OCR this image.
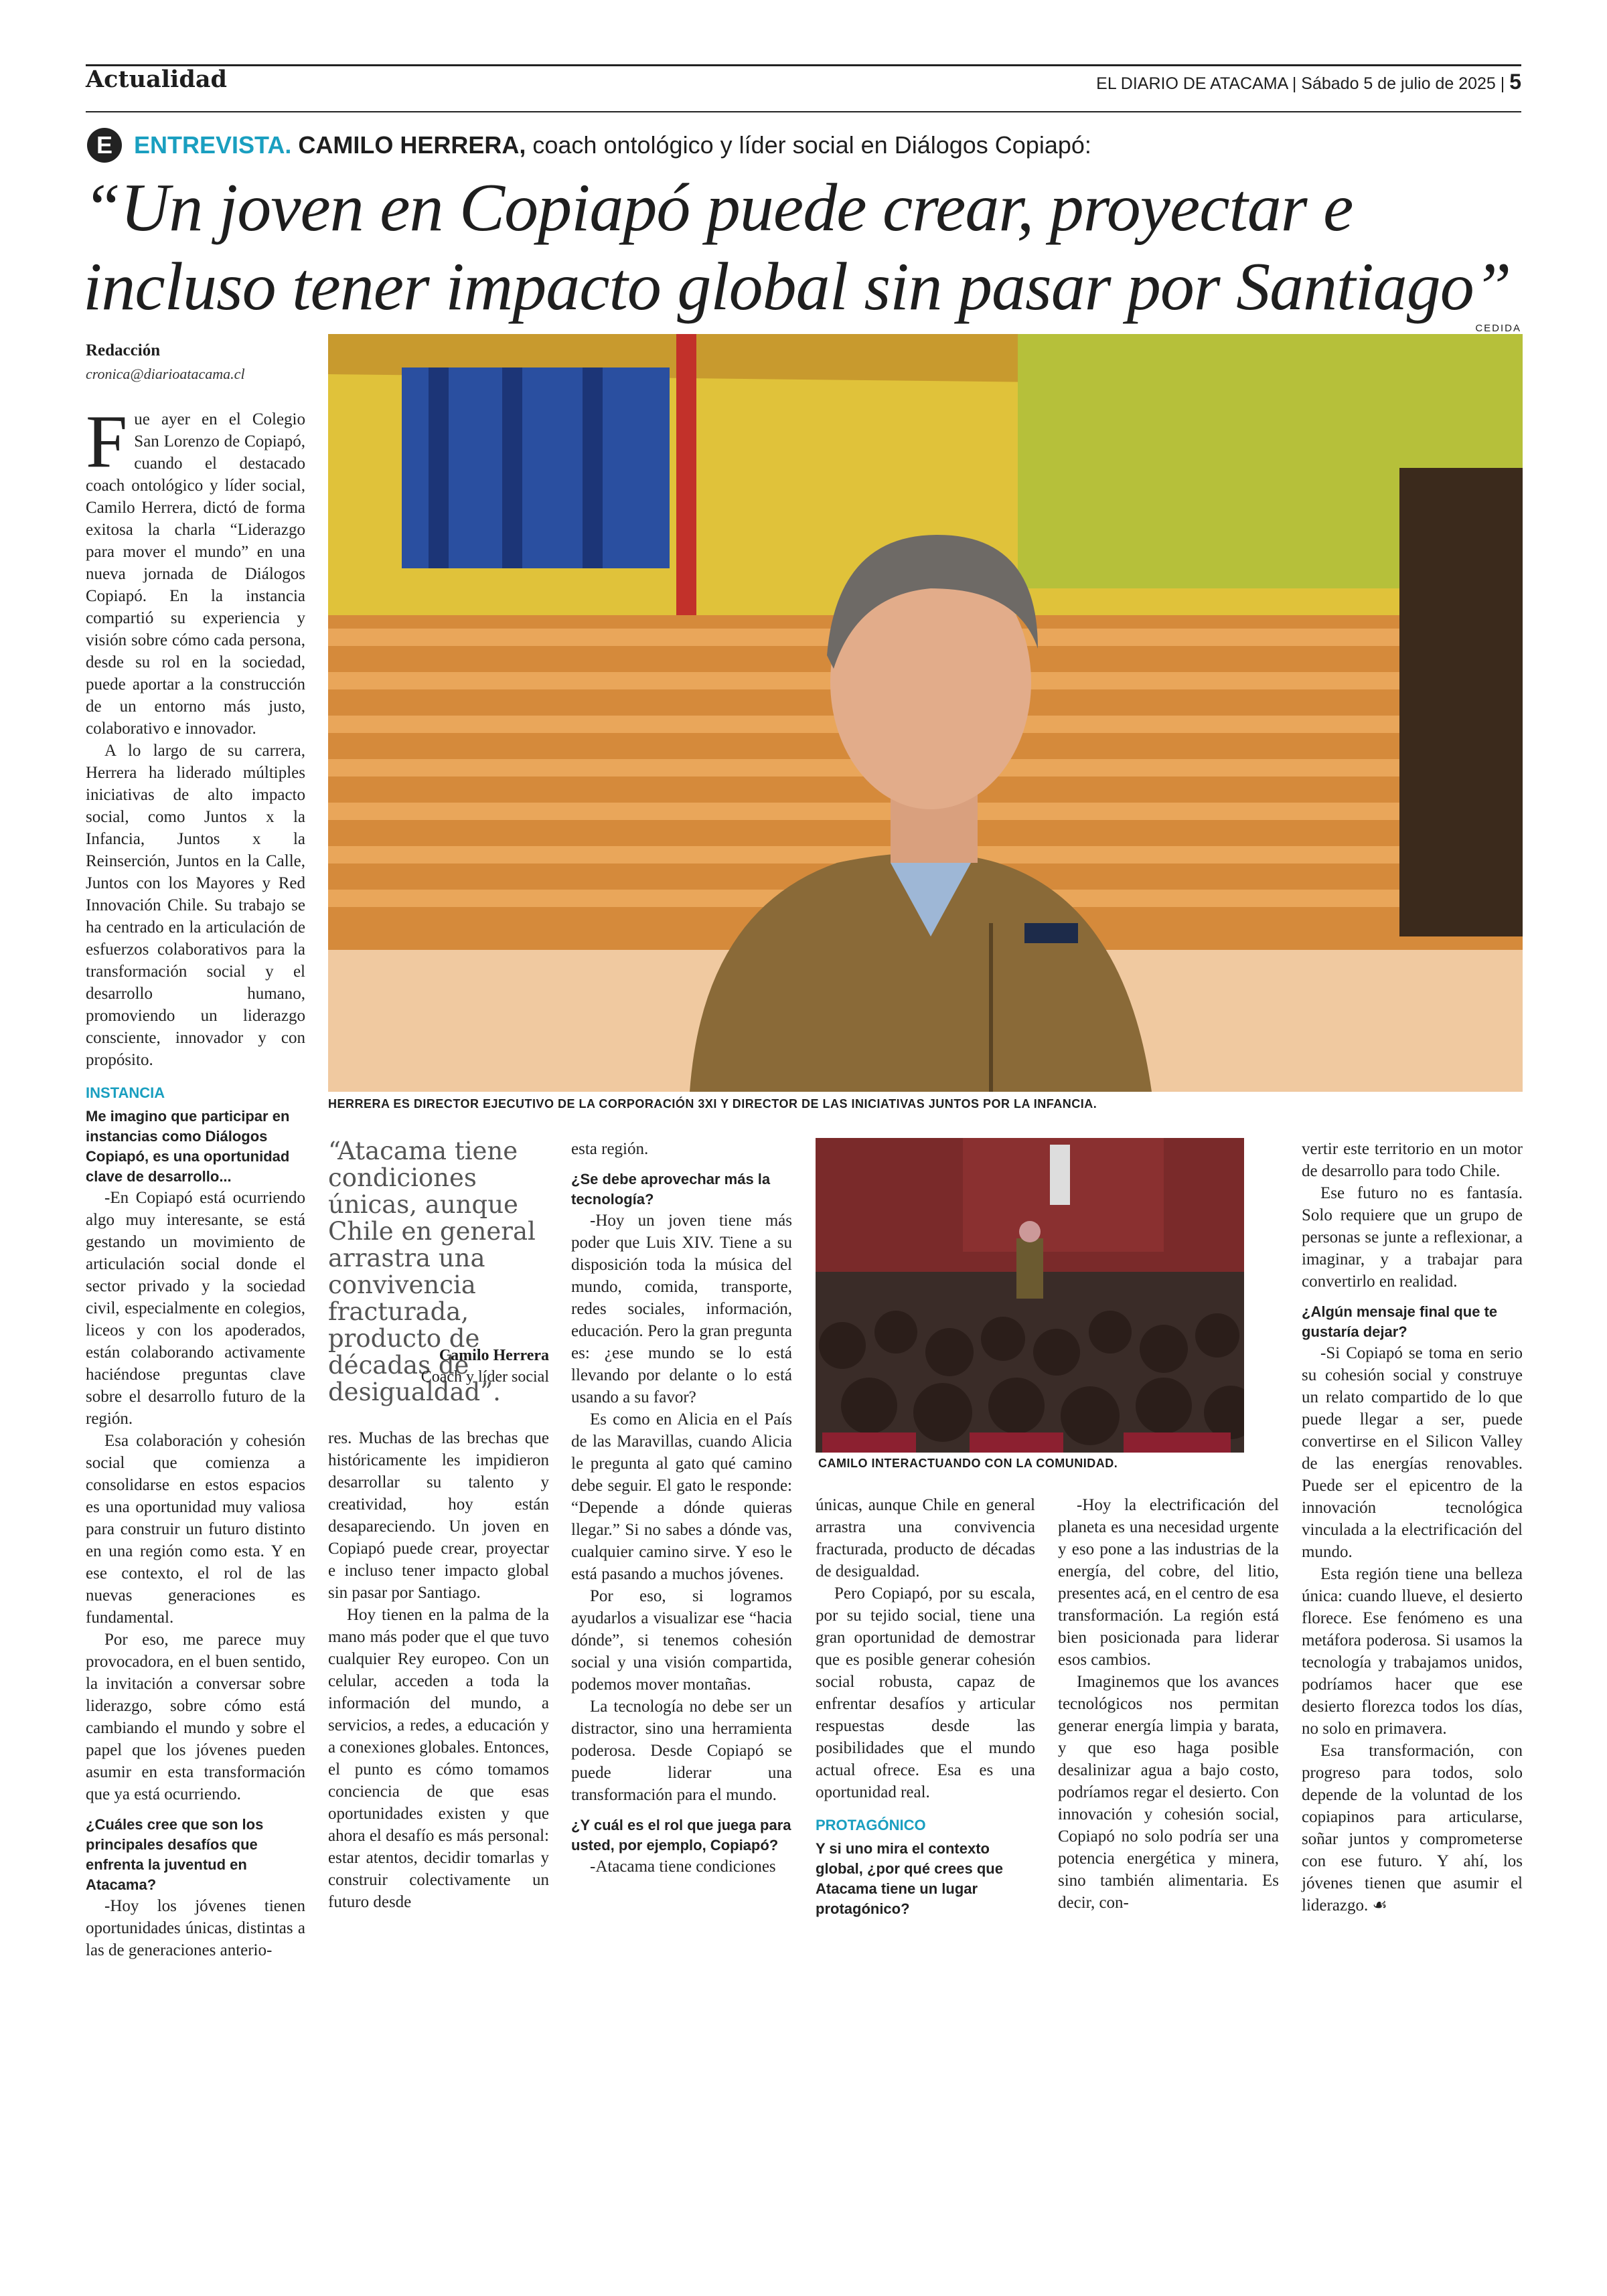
Actualidad	EL DIARIO DE ATACAMA | Sábado 5 de julio de 2025 | 5
E ENTREVISTA. CAMILO HERRERA, coach ontológico y líder social en Diálogos Copiapó:
“Un joven en Copiapó puede crear, proyectar e incluso tener impacto global sin pasar por Santiago”
CEDIDA
Redacción
cronica@diarioatacama.cl
HERRERA ES DIRECTOR EJECUTIVO DE LA CORPORACIÓN 3XI Y DIRECTOR DE LAS INICIATIVAS JUNTOS POR LA INFANCIA.
CAMILO INTERACTUANDO CON LA COMUNIDAD.
“Atacama tiene condiciones únicas, aunque Chile en general arrastra una convivencia fracturada, producto de décadas de desigualdad”.
Camilo Herrera
Coach y líder social

Fue ayer en el Colegio San Lorenzo de Copiapó, cuando el destacado coach ontológico y líder social, Camilo Herrera, dictó de forma exitosa la charla “Liderazgo para mover el mundo” en una nueva jornada de Diálogos Copiapó. En la instancia compartió su experiencia y visión sobre cómo cada persona, desde su rol en la sociedad, puede aportar a la construcción de un entorno más justo, colaborativo e innovador.

A lo largo de su carrera, Herrera ha liderado múltiples iniciativas de alto impacto social, como Juntos x la Infancia, Juntos x la Reinserción, Juntos en la Calle, Juntos con los Mayores y Red Innovación Chile. Su trabajo se ha centrado en la articulación de esfuerzos colaborativos para la transformación social y el desarrollo humano, promoviendo un liderazgo consciente, innovador y con propósito.

INSTANCIA

Me imagino que participar en instancias como Diálogos Copiapó, es una oportunidad clave de desarrollo...

-En Copiapó está ocurriendo algo muy interesante, se está gestando un movimiento de articulación social donde el sector privado y la sociedad civil, especialmente en colegios, liceos y con los apoderados, están colaborando activamente haciéndose preguntas clave sobre el desarrollo futuro de la región.

Esa colaboración y cohesión social que comienza a consolidarse en estos espacios es una oportunidad muy valiosa para construir un futuro distinto en una región como esta. Y en ese contexto, el rol de las nuevas generaciones es fundamental.

Por eso, me parece muy provocadora, en el buen sentido, la invitación a conversar sobre liderazgo, sobre cómo está cambiando el mundo y sobre el papel que los jóvenes pueden asumir en esta transformación que ya está ocurriendo.

¿Cuáles cree que son los principales desafíos que enfrenta la juventud en Atacama?

-Hoy los jóvenes tienen oportunidades únicas, distintas a las de generaciones anterio-

res. Muchas de las brechas que históricamente les impidieron desarrollar su talento y creatividad, hoy están desapareciendo. Un joven en Copiapó puede crear, proyectar e incluso tener impacto global sin pasar por Santiago.

Hoy tienen en la palma de la mano más poder que el que tuvo cualquier Rey europeo. Con un celular, acceden a toda la información del mundo, a servicios, a redes, a educación y a conexiones globales. Entonces, el punto es cómo tomamos conciencia de que esas oportunidades existen y que ahora el desafío es más personal: estar atentos, decidir tomarlas y construir colectivamente un futuro desde

esta región.

¿Se debe aprovechar más la tecnología?

-Hoy un joven tiene más poder que Luis XIV. Tiene a su disposición toda la música del mundo, comida, transporte, redes sociales, información, educación. Pero la gran pregunta es: ¿ese mundo se lo está llevando por delante o lo está usando a su favor?

Es como en Alicia en el País de las Maravillas, cuando Alicia le pregunta al gato qué camino debe seguir. El gato le responde: “Depende a dónde quieras llegar.” Si no sabes a dónde vas, cualquier camino sirve. Y eso le está pasando a muchos jóvenes.

Por eso, si logramos ayudarlos a visualizar ese “hacia dónde”, si tenemos cohesión social y una visión compartida, podemos mover montañas.

La tecnología no debe ser un distractor, sino una herramienta poderosa. Desde Copiapó se puede liderar una transformación para el mundo.

¿Y cuál es el rol que juega para usted, por ejemplo, Copiapó?

-Atacama tiene condiciones

únicas, aunque Chile en general arrastra una convivencia fracturada, producto de décadas de desigualdad.

Pero Copiapó, por su escala, por su tejido social, tiene una gran oportunidad de demostrar que es posible generar cohesión social robusta, capaz de enfrentar desafíos y articular respuestas desde las posibilidades que el mundo actual ofrece. Esa es una oportunidad real.

PROTAGÓNICO

Y si uno mira el contexto global, ¿por qué crees que Atacama tiene un lugar protagónico?

-Hoy la electrificación del planeta es una necesidad urgente y eso pone a las industrias de la energía, del cobre, del litio, presentes acá, en el centro de esa transformación. La región está bien posicionada para liderar esos cambios.

Imaginemos que los avances tecnológicos nos permitan generar energía limpia y barata, y que eso haga posible desalinizar agua a bajo costo, podríamos regar el desierto. Con innovación y cohesión social, Copiapó no solo podría ser una potencia energética y minera, sino también alimentaria. Es decir, con-

vertir este territorio en un motor de desarrollo para todo Chile.

Ese futuro no es fantasía. Solo requiere que un grupo de personas se junte a reflexionar, a imaginar, y a trabajar para convertirlo en realidad.

¿Algún mensaje final que te gustaría dejar?

-Si Copiapó se toma en serio su cohesión social y construye un relato compartido de lo que puede llegar a ser, puede convertirse en el Silicon Valley de las energías renovables. Puede ser el epicentro de la innovación tecnológica vinculada a la electrificación del mundo.

Esta región tiene una belleza única: cuando llueve, el desierto florece. Ese fenómeno es una metáfora poderosa. Si usamos la tecnología y trabajamos unidos, podríamos hacer que ese desierto florezca todos los días, no solo en primavera.

Esa transformación, con progreso para todos, solo depende de la voluntad de los copiapinos para articularse, soñar juntos y comprometerse con ese futuro. Y ahí, los jóvenes tienen que asumir el liderazgo. ☙
